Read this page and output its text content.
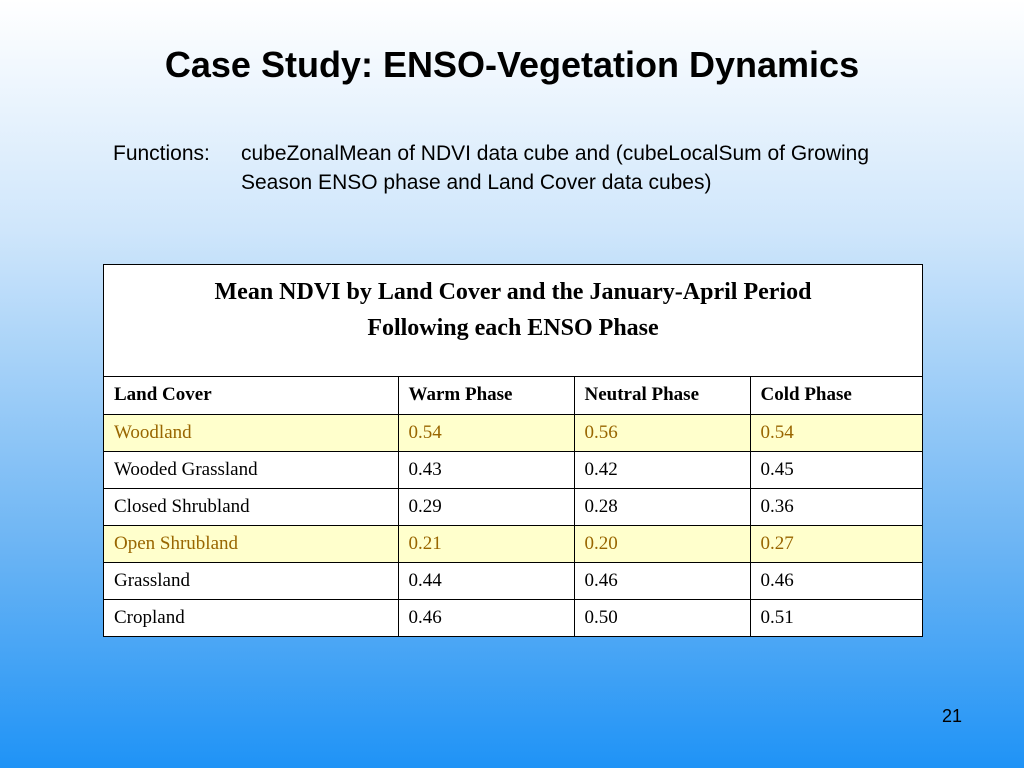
Case Study: ENSO-Vegetation Dynamics
Functions:	cubeZonalMean of NDVI data cube and (cubeLocalSum of Growing Season ENSO phase and Land Cover data cubes)
Mean NDVI by Land Cover and the January-April Period
Following each ENSO Phase
Land Cover	Warm Phase	Neutral Phase	Cold Phase
Woodland	0.54	0.56	0.54
Wooded Grassland	0.43	0.42	0.45
Closed Shrubland	0.29	0.28	0.36
Open Shrubland	0.21	0.20	0.27
Grassland	0.44	0.46	0.46
Cropland	0.46	0.50	0.51
21
